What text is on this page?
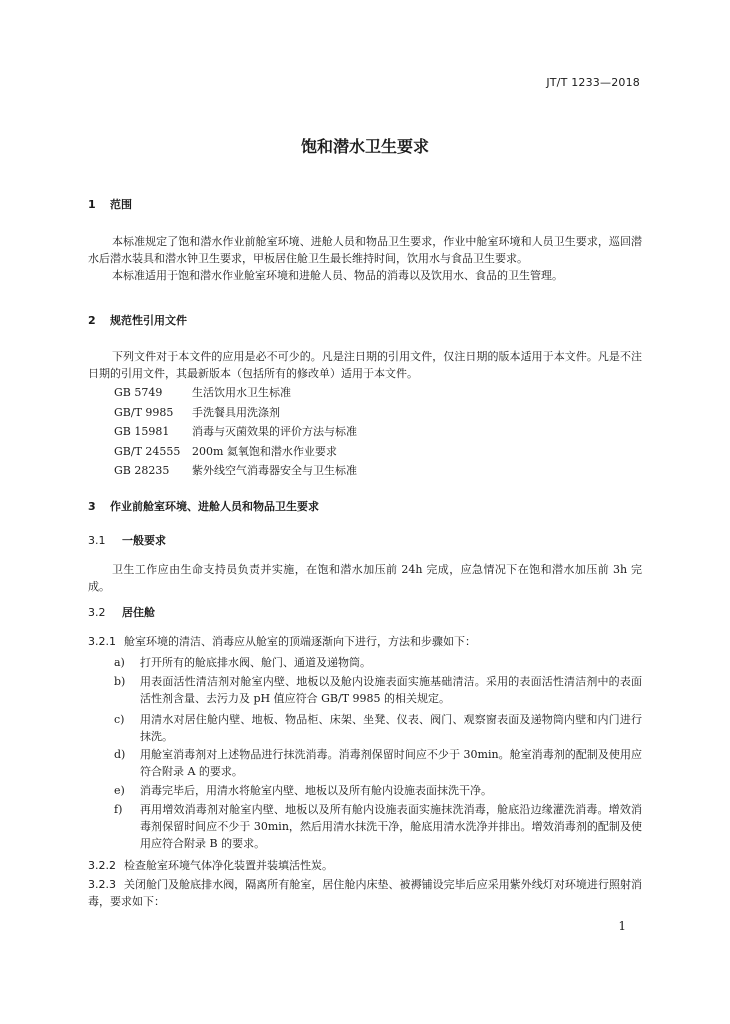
JT/T 1233—2018
饱和潜水卫生要求
1 范围
本标准规定了饱和潜水作业前舱室环境、进舱人员和物品卫生要求，作业中舱室环境和人员卫生要求，巡回潜水后潜水装具和潜水钟卫生要求，甲板居住舱卫生最长维持时间，饮用水与食品卫生要求。
本标准适用于饱和潜水作业舱室环境和进舱人员、物品的消毒以及饮用水、食品的卫生管理。
2 规范性引用文件
下列文件对于本文件的应用是必不可少的。凡是注日期的引用文件，仅注日期的版本适用于本文件。凡是不注日期的引用文件，其最新版本（包括所有的修改单）适用于本文件。
GB 5749	生活饮用水卫生标准
GB/T 9985 手洗餐具用洗涤剂
GB 15981 消毒与灭菌效果的评价方法与标准
GB/T 24555 200m 氦氧饱和潜水作业要求
GB 28235 紫外线空气消毒器安全与卫生标准
3 作业前舱室环境、进舱人员和物品卫生要求
3.1 一般要求
卫生工作应由生命支持员负责并实施，在饱和潜水加压前 24h 完成，应急情况下在饱和潜水加压前 3h 完成。
3.2 居住舱
3.2.1 舱室环境的清洁、消毒应从舱室的顶端逐渐向下进行，方法和步骤如下：
a)	打开所有的舱底排水阀、舱门、通道及递物筒。
b)	用表面活性清洁剂对舱室内壁、地板以及舱内设施表面实施基础清洁。采用的表面活性清洁剂中的表面活性剂含量、去污力及 pH 值应符合 GB/T 9985 的相关规定。
c)	用清水对居住舱内壁、地板、物品柜、床架、坐凳、仪表、阀门、观察窗表面及递物筒内壁和内门进行抹洗。
d)	用舱室消毒剂对上述物品进行抹洗消毒。消毒剂保留时间应不少于 30min。舱室消毒剂的配制及使用应符合附录 A 的要求。
e)	消毒完毕后，用清水将舱室内壁、地板以及所有舱内设施表面抹洗干净。
f)	再用增效消毒剂对舱室内壁、地板以及所有舱内设施表面实施抹洗消毒，舱底沿边缘灌洗消毒。增效消毒剂保留时间应不少于 30min，然后用清水抹洗干净，舱底用清水洗净并排出。增效消毒剂的配制及使用应符合附录 B 的要求。
3.2.2 检查舱室环境气体净化装置并装填活性炭。
3.2.3 关闭舱门及舱底排水阀，隔离所有舱室，居住舱内床垫、被褥铺设完毕后应采用紫外线灯对环境进行照射消毒，要求如下：
1
